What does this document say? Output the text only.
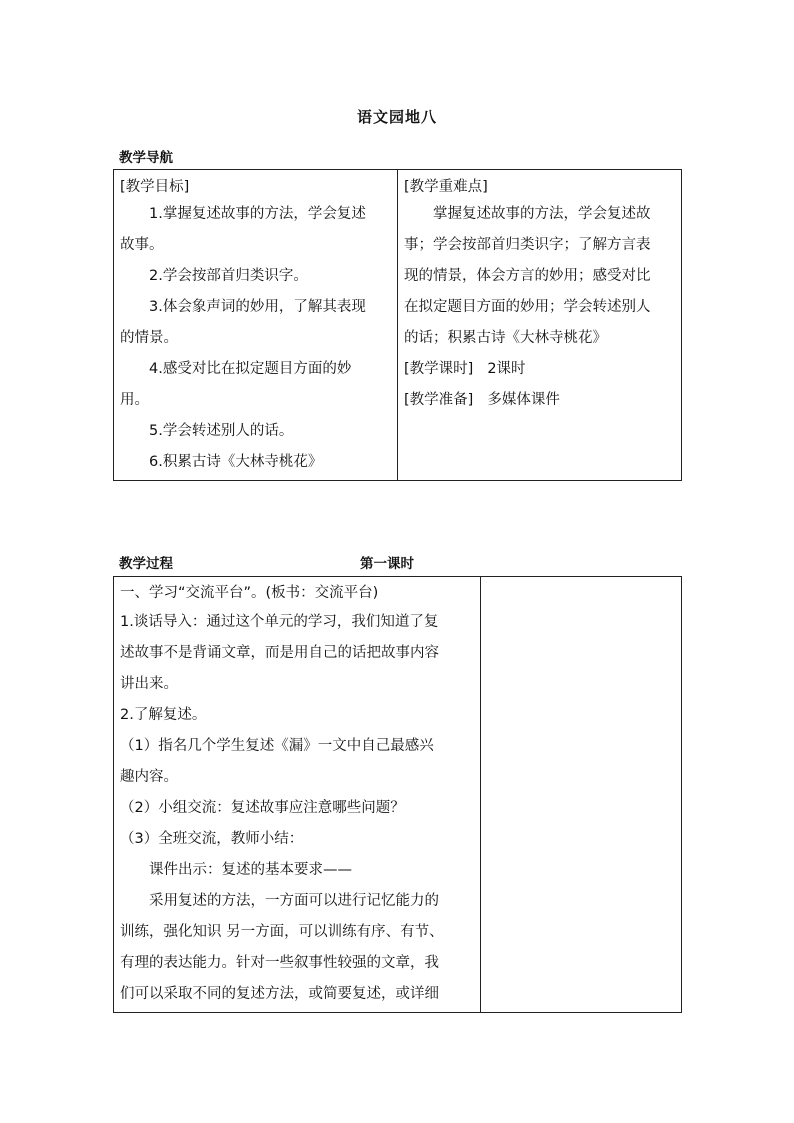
语文园地八
教学导航
[教学目标]
1.掌握复述故事的方法，学会复述
故事。
2.学会按部首归类识字。
3.体会象声词的妙用，了解其表现
的情景。
4.感受对比在拟定题目方面的妙
用。
5.学会转述别人的话。
6.积累古诗《大林寺桃花》

[教学重难点]
掌握复述故事的方法，学会复述故
事；学会按部首归类识字；了解方言表
现的情景，体会方言的妙用；感受对比
在拟定题目方面的妙用；学会转述别人
的话；积累古诗《大林寺桃花》
[教学课时] 2课时
[教学准备] 多媒体课件
教学过程	第一课时
一、学习“交流平台”。(板书：交流平台)
1.谈话导入：通过这个单元的学习，我们知道了复
述故事不是背诵文章，而是用自己的话把故事内容
讲出来。
2.了解复述。
（1）指名几个学生复述《漏》一文中自己最感兴
趣内容。
（2）小组交流：复述故事应注意哪些问题？
（3）全班交流，教师小结：
课件出示：复述的基本要求——
采用复述的方法，一方面可以进行记忆能力的
训练，强化知识 另一方面，可以训练有序、有节、
有理的表达能力。针对一些叙事性较强的文章，我
们可以采取不同的复述方法，或简要复述，或详细
